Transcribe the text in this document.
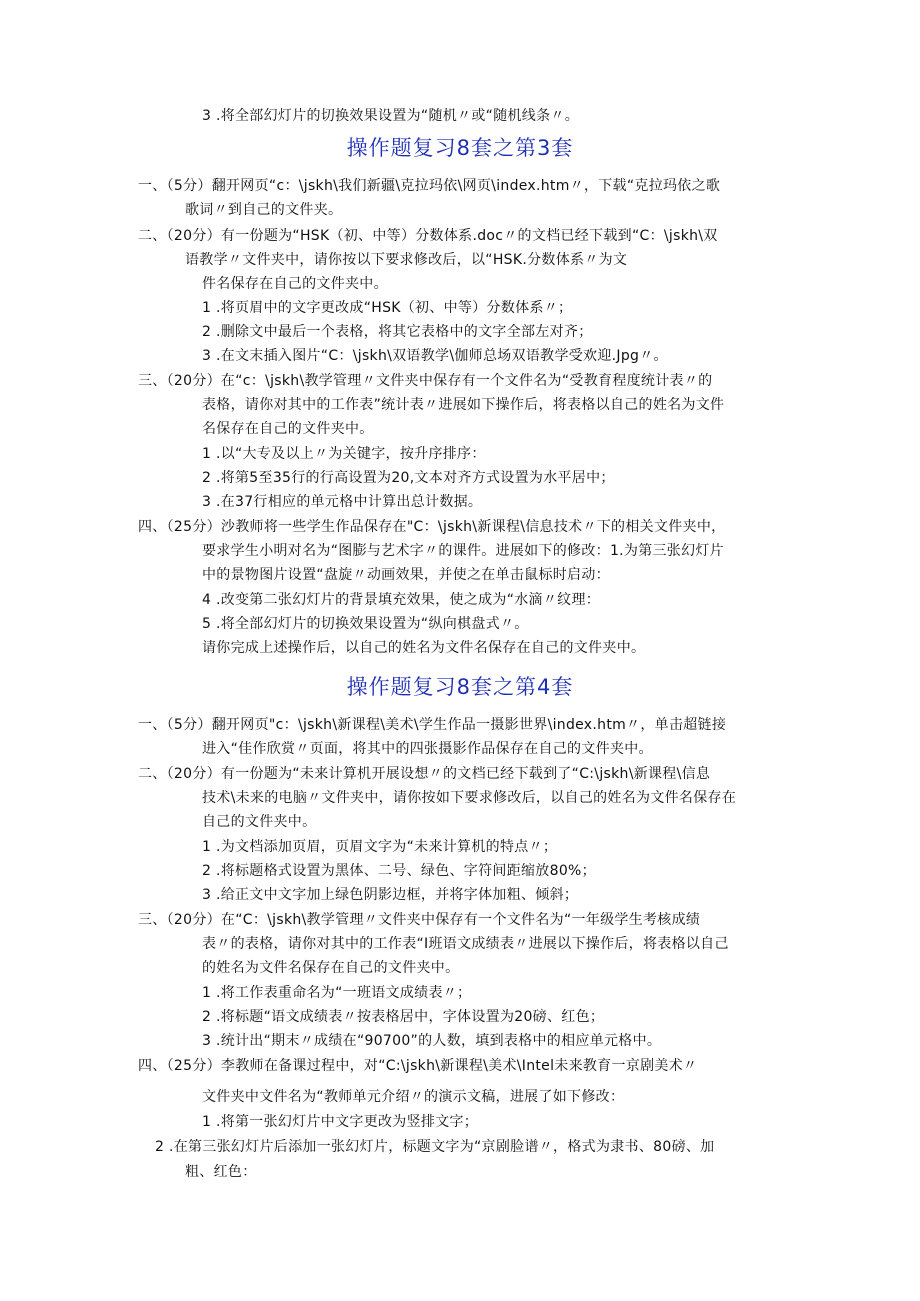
3 .将全部幻灯片的切换效果设置为“随机〃或“随机线条〃。
操作题复习8套之第3套
一、（5分）翻开网页“c：\jskh\我们新疆\克拉玛依\网页\index.htm〃，下载“克拉玛依之歌
歌词〃到自己的文件夹。
二、（20分）有一份题为“HSK（初、中等）分数体系.doc〃的文档已经下载到“C：\jskh\双
语教学〃文件夹中，请你按以下要求修改后，以“HSK.分数体系〃为文
件名保存在自己的文件夹中。
1 .将页眉中的文字更改成“HSK（初、中等）分数体系〃；
2 .删除文中最后一个表格，将其它表格中的文字全部左对齐；
3 .在文末插入图片“C：\jskh\双语教学\伽师总场双语教学受欢迎.Jpg〃。
三、（20分）在“c：\jskh\教学管理〃文件夹中保存有一个文件名为“受教育程度统计表〃的
表格，请你对其中的工作表”统计表〃进展如下操作后，将表格以自己的姓名为文件
名保存在自己的文件夹中。
1 .以“大专及以上〃为关键字，按升序排序：
2 .将第5至35行的行高设置为20,文本对齐方式设置为水平居中；
3 .在37行相应的单元格中计算出总计数据。
四、（25分）沙教师将一些学生作品保存在"C：\jskh\新课程\信息技术〃下的相关文件夹中，
要求学生小明对名为“图膨与艺术字〃的课件。进展如下的修改：1.为第三张幻灯片
中的景物图片设置“盘旋〃动画效果，并使之在单击鼠标时启动：
4 .改变第二张幻灯片的背景填充效果，使之成为“水滴〃纹理：
5 .将全部幻灯片的切换效果设置为“纵向棋盘式〃。
请你完成上述操作后，以自己的姓名为文件名保存在自己的文件夹中。
操作题复习8套之第4套
一、（5分）翻开网页"c：\jskh\新课程\美术\学生作品一摄影世界\index.htm〃，单击超链接
进入“佳作欣赏〃页面，将其中的四张摄影作品保存在自己的文件夹中。
二、（20分）有一份题为“未来计算机开展设想〃的文档已经下载到了“C:\jskh\新课程\信息
技术\未来的电脑〃文件夹中，请你按如下要求修改后，以自己的姓名为文件名保存在
自己的文件夹中。
1 .为文档添加页眉，页眉文字为“未来计算机的特点〃；
2 .将标题格式设置为黑体、二号、绿色、字符间距缩放80%；
3 .给正文中文字加上绿色阴影边框，并将字体加粗、倾斜；
三、（20分）在“C：\jskh\教学管理〃文件夹中保存有一个文件名为“一年级学生考核成绩
表〃的表格，请你对其中的工作表“I班语文成绩表〃进展以下操作后，将表格以自己
的姓名为文件名保存在自己的文件夹中。
1 .将工作表重命名为“一班语文成绩表〃；
2 .将标题“语文成绩表〃按表格居中，字体设置为20磅、红色；
3 .统计出“期末〃成绩在“90700”的人数，填到表格中的相应单元格中。
四、（25分）李教师在备课过程中，对“C:\jskh\新课程\美术\Intel未来教育一京剧美术〃
文件夹中文件名为“教师单元介绍〃的演示文稿，进展了如下修改：
1 .将第一张幻灯片中文字更改为竖排文字；
2 .在第三张幻灯片后添加一张幻灯片，标题文字为“京剧脸谱〃，格式为隶书、80磅、加
粗、红色：
